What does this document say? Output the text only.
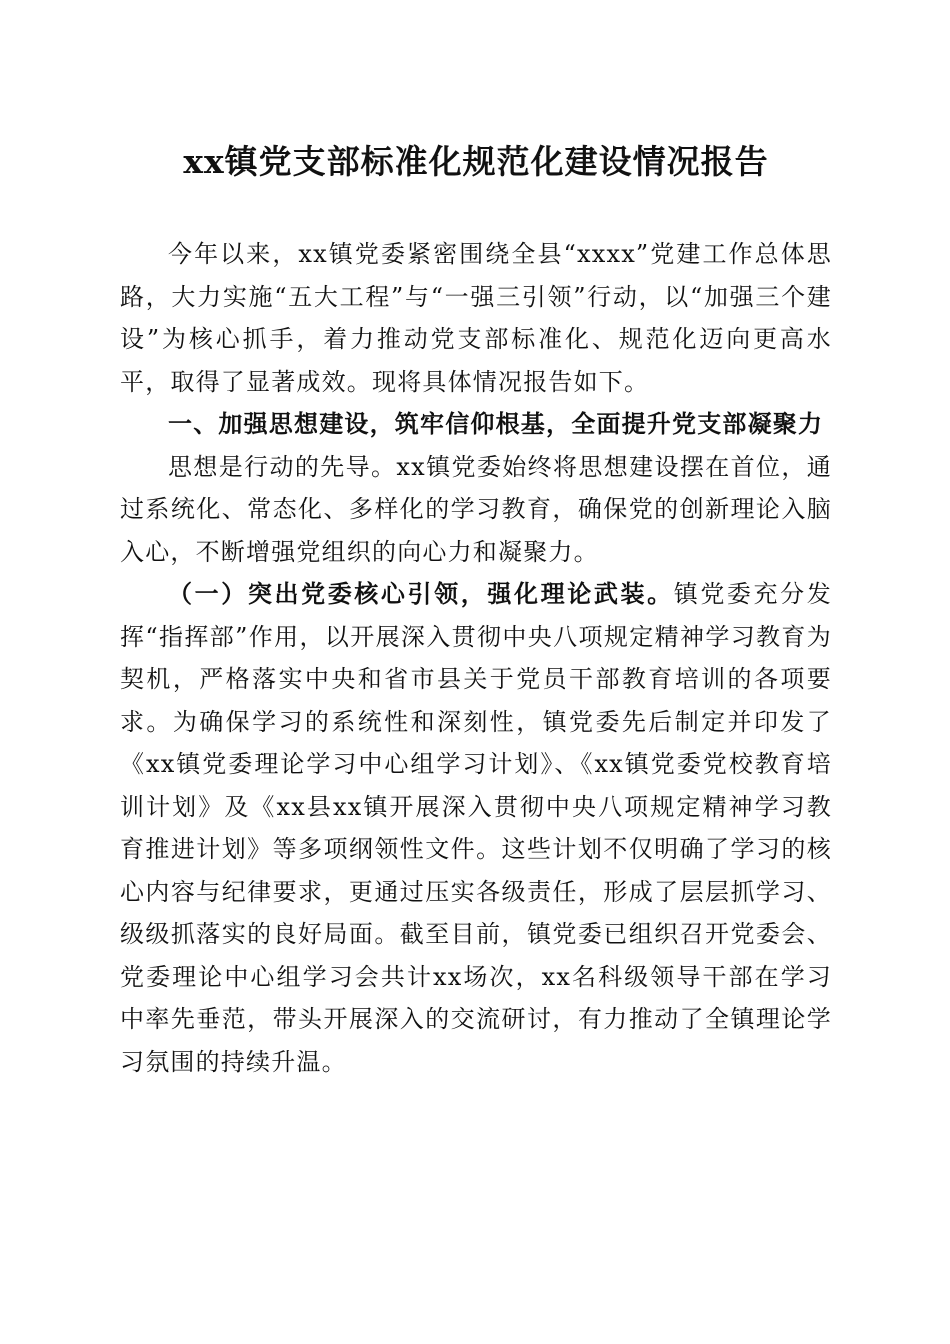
xx镇党支部标准化规范化建设情况报告

今年以来，xx镇党委紧密围绕全县“xxxx”党建工作总体思路，大力实施“五大工程”与“一强三引领”行动，以“加强三个建设”为核心抓手，着力推动党支部标准化、规范化迈向更高水平，取得了显著成效。现将具体情况报告如下。

一、加强思想建设，筑牢信仰根基，全面提升党支部凝聚力

思想是行动的先导。xx镇党委始终将思想建设摆在首位，通过系统化、常态化、多样化的学习教育，确保党的创新理论入脑入心，不断增强党组织的向心力和凝聚力。

（一）突出党委核心引领，强化理论武装。镇党委充分发挥“指挥部”作用，以开展深入贯彻中央八项规定精神学习教育为契机，严格落实中央和省市县关于党员干部教育培训的各项要求。为确保学习的系统性和深刻性，镇党委先后制定并印发了《xx镇党委理论学习中心组学习计划》、《xx镇党委党校教育培训计划》及《xx县xx镇开展深入贯彻中央八项规定精神学习教育推进计划》等多项纲领性文件。这些计划不仅明确了学习的核心内容与纪律要求，更通过压实各级责任，形成了层层抓学习、级级抓落实的良好局面。截至目前，镇党委已组织召开党委会、党委理论中心组学习会共计xx场次，xx名科级领导干部在学习中率先垂范，带头开展深入的交流研讨，有力推动了全镇理论学习氛围的持续升温。
